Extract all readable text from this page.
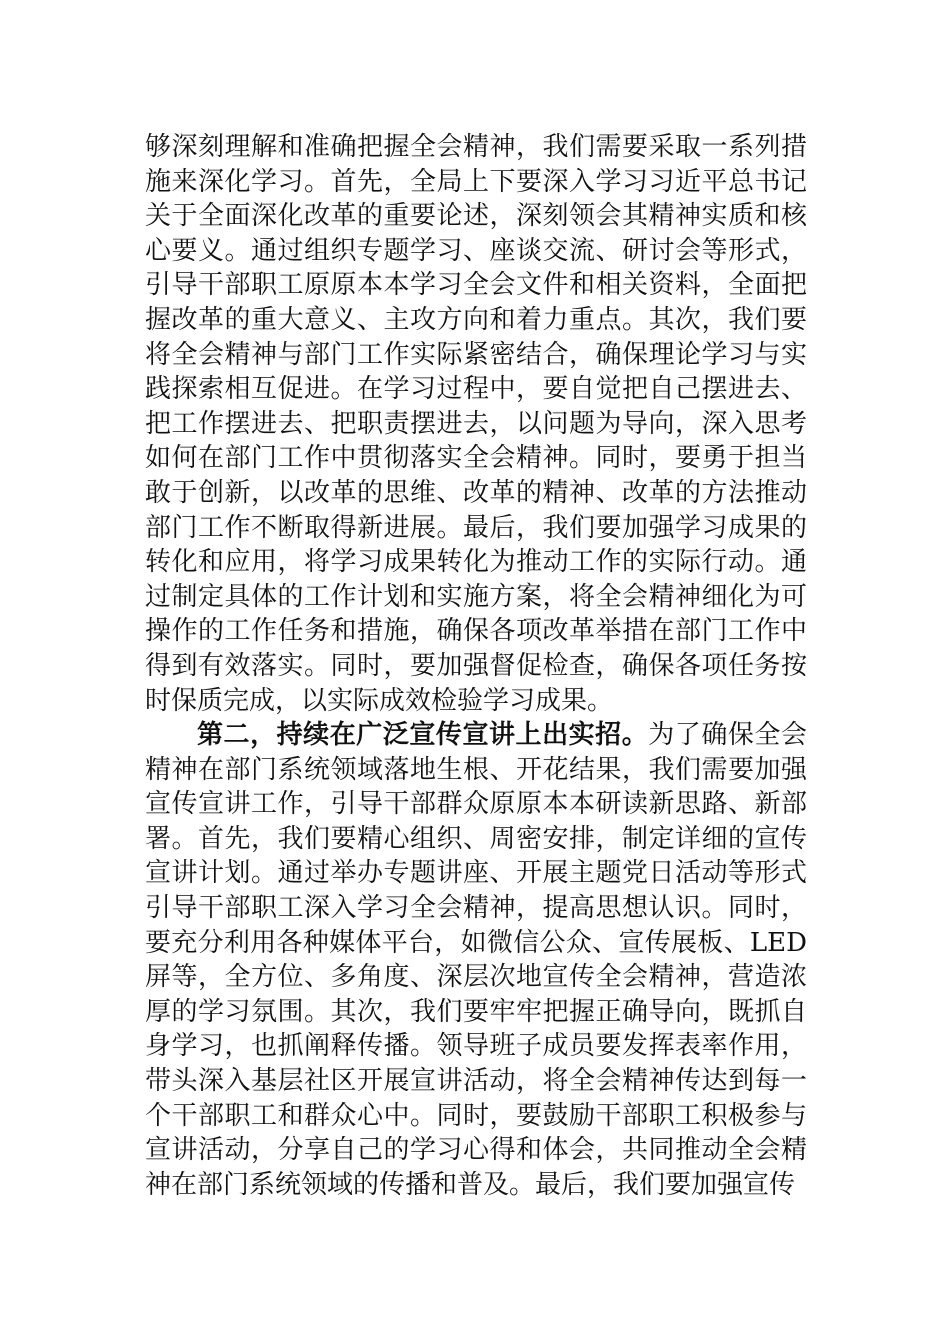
够深刻理解和准确把握全会精神，我们需要采取一系列措施来深化学习。首先，全局上下要深入学习习近平总书记关于全面深化改革的重要论述，深刻领会其精神实质和核心要义。通过组织专题学习、座谈交流、研讨会等形式，引导干部职工原原本本学习全会文件和相关资料，全面把握改革的重大意义、主攻方向和着力重点。其次，我们要将全会精神与部门工作实际紧密结合，确保理论学习与实践探索相互促进。在学习过程中，要自觉把自己摆进去、把工作摆进去、把职责摆进去，以问题为导向，深入思考如何在部门工作中贯彻落实全会精神。同时，要勇于担当敢于创新，以改革的思维、改革的精神、改革的方法推动部门工作不断取得新进展。最后，我们要加强学习成果的转化和应用，将学习成果转化为推动工作的实际行动。通过制定具体的工作计划和实施方案，将全会精神细化为可操作的工作任务和措施，确保各项改革举措在部门工作中得到有效落实。同时，要加强督促检查，确保各项任务按时保质完成，以实际成效检验学习成果。

第二，持续在广泛宣传宣讲上出实招。为了确保全会精神在部门系统领域落地生根、开花结果，我们需要加强宣传宣讲工作，引导干部群众原原本本研读新思路、新部署。首先，我们要精心组织、周密安排，制定详细的宣传宣讲计划。通过举办专题讲座、开展主题党日活动等形式引导干部职工深入学习全会精神，提高思想认识。同时，要充分利用各种媒体平台，如微信公众、宣传展板、LED屏等，全方位、多角度、深层次地宣传全会精神，营造浓厚的学习氛围。其次，我们要牢牢把握正确导向，既抓自身学习，也抓阐释传播。领导班子成员要发挥表率作用，带头深入基层社区开展宣讲活动，将全会精神传达到每一个干部职工和群众心中。同时，要鼓励干部职工积极参与宣讲活动，分享自己的学习心得和体会，共同推动全会精神在部门系统领域的传播和普及。最后，我们要加强宣传
